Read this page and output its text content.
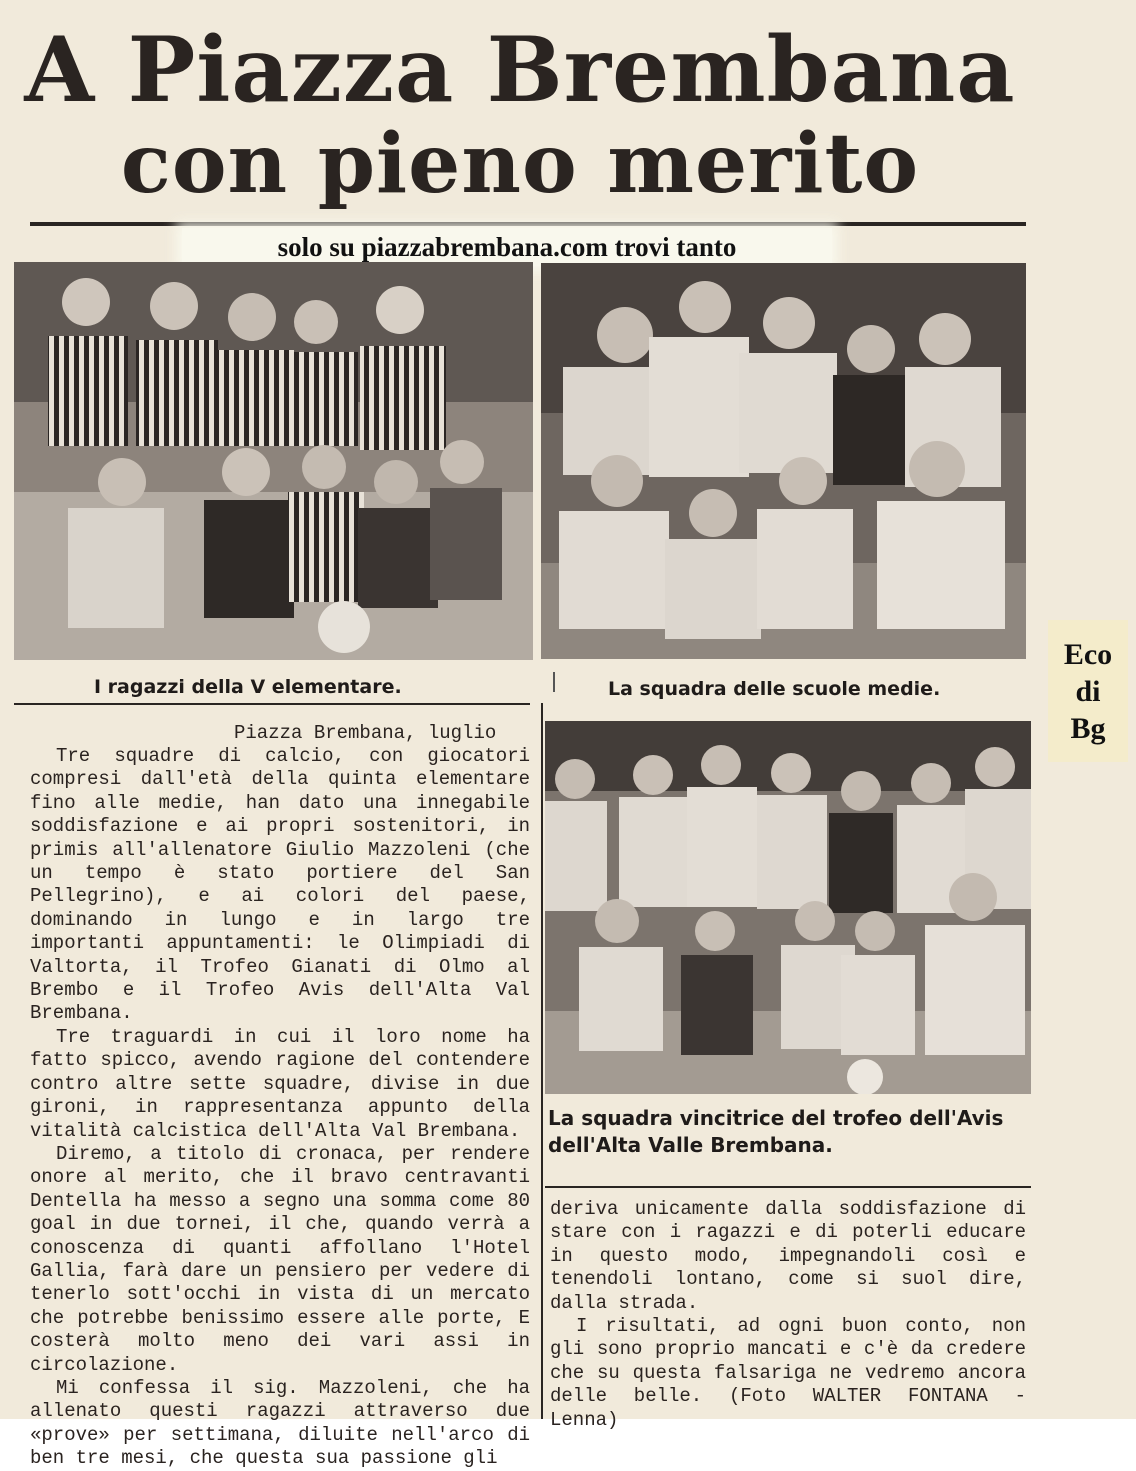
A Piazza Brembana
con pieno merito
solo su piazzabrembana.com trovi tanto
I ragazzi della V elementare.	La squadra delle scuole medie.
La squadra vincitrice del trofeo dell'Avis
dell'Alta Valle Brembana.
Piazza Brembana, luglio

Tre squadre di calcio, con giocatori compresi dall'età della quinta elementare fino alle medie, han dato una innegabile soddisfazione e ai propri sostenitori, in primis all'allenatore Giulio Mazzoleni (che un tempo è stato portiere del San Pellegrino), e ai colori del paese, dominando in lungo e in largo tre importanti appuntamenti: le Olimpiadi di Valtorta, il Trofeo Gianati di Olmo al Brembo e il Trofeo Avis dell'Alta Val Brembana.

Tre traguardi in cui il loro nome ha fatto spicco, avendo ragione del contendere contro altre sette squadre, divise in due gironi, in rappresentanza appunto della vitalità calcistica dell'Alta Val Brembana.

Diremo, a titolo di cronaca, per rendere onore al merito, che il bravo centravanti Dentella ha messo a segno una somma come 80 goal in due tornei, il che, quando verrà a conoscenza di quanti affollano l'Hotel Gallia, farà dare un pensiero per vedere di tenerlo sott'occhi in vista di un mercato che potrebbe benissimo essere alle porte, E costerà molto meno dei vari assi in circolazione.

Mi confessa il sig. Mazzoleni, che ha allenato questi ragazzi attraverso due «prove» per settimana, diluite nell'arco di ben tre mesi, che questa sua passione gli

deriva unicamente dalla soddisfazione di stare con i ragazzi e di poterli educare in questo modo, impegnandoli così e tenendoli lontano, come si suol dire, dalla strada.

I risultati, ad ogni buon conto, non gli sono proprio mancati e c'è da credere che su questa falsariga ne vedremo ancora delle belle. (Foto WALTER FONTANA - Lenna)

Eco
di
Bg
